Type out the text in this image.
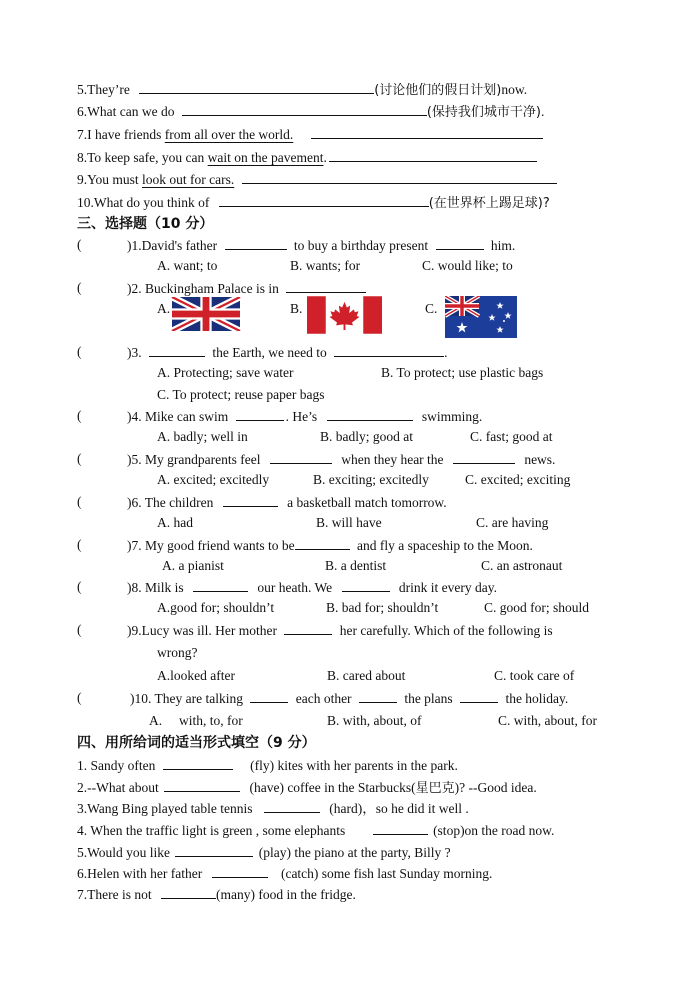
5.They’re	(讨论他们的假日计划)now.
6.What can we do	(保持我们城市干净).
7.I have friends from all over the world.
8.To keep safe, you can wait on the pavement.
9.You must look out for cars.
10.What do you think of	(在世界杯上踢足球)?
三、选择题（10 分）
(	)1.David's father	to buy a birthday present	him.
A. want; to	B. wants; for	C. would like; to
(	)2. Buckingham Palace is in
A.	B.	C.
(	)3.	the Earth, we need to	.
A. Protecting; save water	B. To protect; use plastic bags
C. To protect; reuse paper bags
(	)4. Mike can swim	. He’s	swimming.
A. badly; well in	B. badly; good at	C. fast; good at
(	)5. My grandparents feel	when they hear the	news.
A. excited; excitedly	B. exciting; excitedly	C. excited; exciting
(	)6. The children	a basketball match tomorrow.
A. had	B. will have	C. are having
(	)7. My good friend wants to be	and fly a spaceship to the Moon.
A. a pianist	B. a dentist	C. an astronaut
(	)8. Milk is	our heath. We	drink it every day.
A.good for; shouldn’t	B. bad for; shouldn’t	C. good for; should
(	)9.Lucy was ill. Her mother	her carefully. Which of the following is
wrong?
A.looked after	B. cared about	C. took care of
(	)10. They are talking	each other	the plans	the holiday.
A.     with, to, for	B. with, about, of	C. with, about, for
四、用所给词的适当形式填空（9 分）
1. Sandy often	(fly) kites with her parents in the park.
2.--What about	(have) coffee in the Starbucks(星巴克)? --Good idea.
3.Wang Bing played table tennis	(hard)，so he did it well .
4. When the traffic light is green , some elephants	(stop)on the road now.
5.Would you like	(play) the piano at the party, Billy ?
6.Helen with her father	(catch) some fish last Sunday morning.
7.There is not	(many) food in the fridge.
